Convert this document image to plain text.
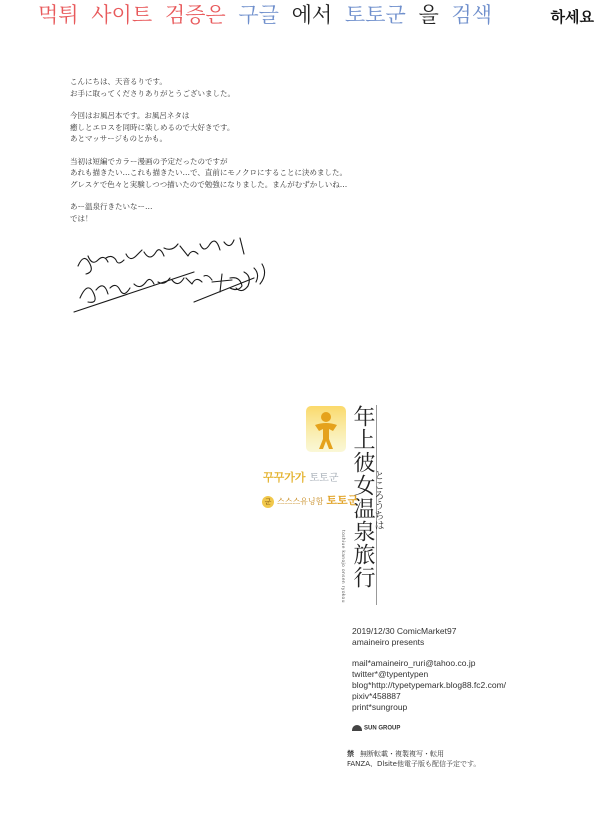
먹튀 사이트 검증은 구글 에서 토토군 을 검색	하세요

こんにちは、天音るりです。
お手に取ってくださりありがとうございました。

今回はお風呂本です。お風呂ネタは
癒しとエロスを同時に楽しめるので大好きです。
あとマッサージものとかも。

当初は短編でカラー漫画の予定だったのですが
あれも描きたい…これも描きたい…で、直前にモノクロにすることに決めました。
グレスケで色々と実験しつつ描いたので勉強になりました。まんがむずかしいね…

あー温泉行きたいなー…
では！

꾸꾸가가 토토군
군 스스스유닝함 토토군
年上彼女温泉旅行
ところうちは
toshiue kanojo onsen ryokou
2019/12/30 ComicMarket97
amaineiro presents
mail*amaineiro_ruri@tahoo.co.jp
twitter*@typentypen
blog*http://typetypemark.blog88.fc2.com/
pixiv*458887
print*sungroup
SUN GROUP
禁 無断転載・複製複写・転用
FANZA、Dlsite他電子版も配信予定です。
